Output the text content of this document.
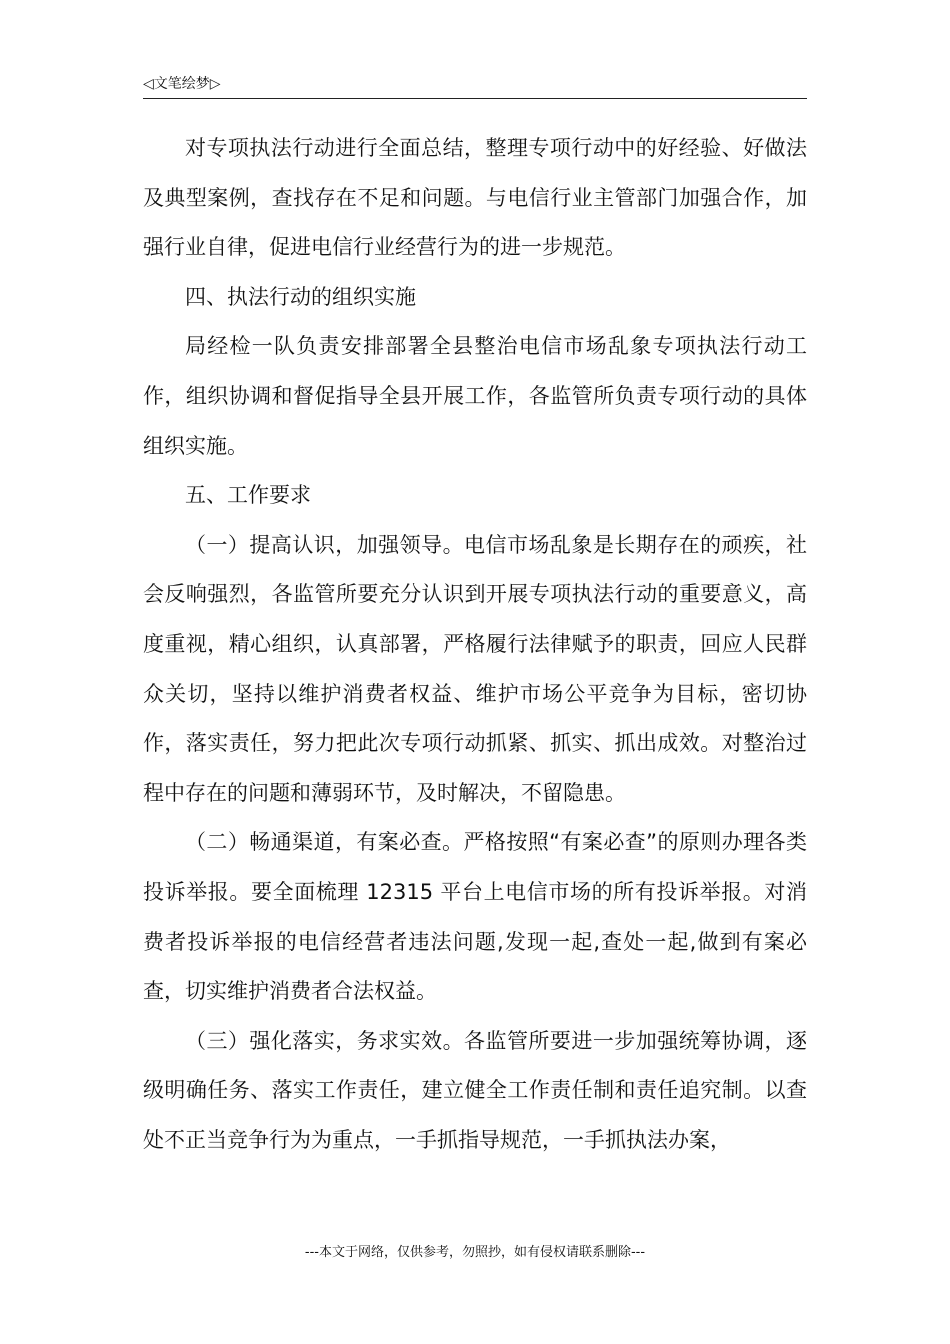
◁文笔绘梦▷

对专项执法行动进行全面总结，整理专项行动中的好经验、好做法及典型案例，查找存在不足和问题。与电信行业主管部门加强合作，加强行业自律，促进电信行业经营行为的进一步规范。

四、执法行动的组织实施

局经检一队负责安排部署全县整治电信市场乱象专项执法行动工作，组织协调和督促指导全县开展工作，各监管所负责专项行动的具体组织实施。

五、工作要求

（一）提高认识，加强领导。电信市场乱象是长期存在的顽疾，社会反响强烈，各监管所要充分认识到开展专项执法行动的重要意义，高度重视，精心组织，认真部署，严格履行法律赋予的职责，回应人民群众关切，坚持以维护消费者权益、维护市场公平竞争为目标，密切协作，落实责任，努力把此次专项行动抓紧、抓实、抓出成效。对整治过程中存在的问题和薄弱环节，及时解决，不留隐患。

（二）畅通渠道，有案必查。严格按照“有案必查”的原则办理各类投诉举报。要全面梳理 12315 平台上电信市场的所有投诉举报。对消费者投诉举报的电信经营者违法问题,发现一起,查处一起,做到有案必查，切实维护消费者合法权益。

（三）强化落实，务求实效。各监管所要进一步加强统筹协调，逐级明确任务、落实工作责任，建立健全工作责任制和责任追究制。以查处不正当竞争行为为重点，一手抓指导规范，一手抓执法办案，

---本文于网络，仅供参考，勿照抄，如有侵权请联系删除---
